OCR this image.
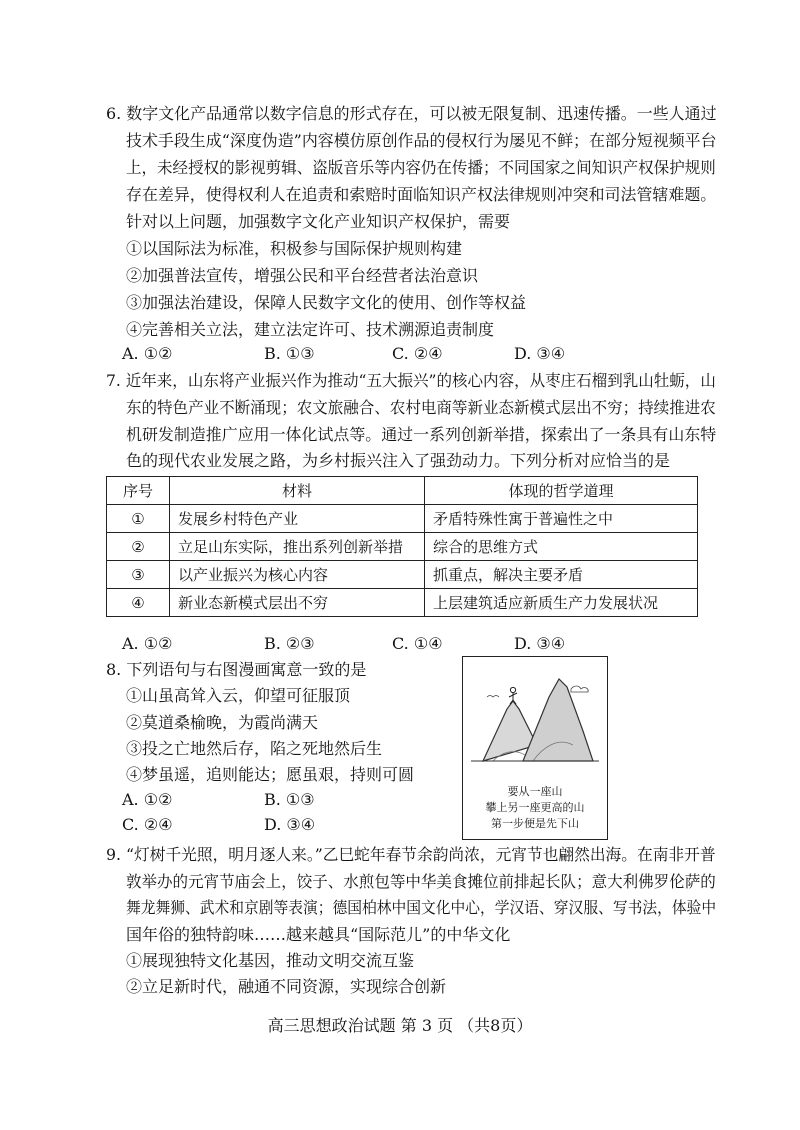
6. 数字文化产品通常以数字信息的形式存在，可以被无限复制、迅速传播。一些人通过
技术手段生成“深度伪造”内容模仿原创作品的侵权行为屡见不鲜；在部分短视频平台
上，未经授权的影视剪辑、盗版音乐等内容仍在传播；不同国家之间知识产权保护规则
存在差异，使得权利人在追责和索赔时面临知识产权法律规则冲突和司法管辖难题。
针对以上问题，加强数字文化产业知识产权保护，需要
①以国际法为标准，积极参与国际保护规则构建
②加强普法宣传，增强公民和平台经营者法治意识
③加强法治建设，保障人民数字文化的使用、创作等权益
④完善相关立法，建立法定许可、技术溯源追责制度
A. ①②	B. ①③	C. ②④	D. ③④
7. 近年来，山东将产业振兴作为推动“五大振兴”的核心内容，从枣庄石榴到乳山牡蛎，山
东的特色产业不断涌现；农文旅融合、农村电商等新业态新模式层出不穷；持续推进农
机研发制造推广应用一体化试点等。通过一系列创新举措，探索出了一条具有山东特
色的现代农业发展之路，为乡村振兴注入了强劲动力。下列分析对应恰当的是
序号	材料	体现的哲学道理
①	发展乡村特色产业	矛盾特殊性寓于普遍性之中
②	立足山东实际，推出系列创新举措	综合的思维方式
③	以产业振兴为核心内容	抓重点，解决主要矛盾
④	新业态新模式层出不穷	上层建筑适应新质生产力发展状况
A. ①②	B. ②③	C. ①④	D. ③④
8. 下列语句与右图漫画寓意一致的是
①山虽高耸入云，仰望可征服顶
②莫道桑榆晚，为霞尚满天
③投之亡地然后存，陷之死地然后生
④梦虽遥，追则能达；愿虽艰，持则可圆
A. ①②	B. ①③
C. ②④	D. ③④
要从一座山
攀上另一座更高的山
第一步便是先下山
9. “灯树千光照，明月逐人来。”乙巳蛇年春节余韵尚浓，元宵节也翩然出海。在南非开普
敦举办的元宵节庙会上，饺子、水煎包等中华美食摊位前排起长队；意大利佛罗伦萨的
舞龙舞狮、武术和京剧等表演；德国柏林中国文化中心，学汉语、穿汉服、写书法，体验中
国年俗的独特韵味……越来越具“国际范儿”的中华文化
①展现独特文化基因，推动文明交流互鉴
②立足新时代，融通不同资源，实现综合创新
高三思想政治试题 第 3 页 （共8页）
